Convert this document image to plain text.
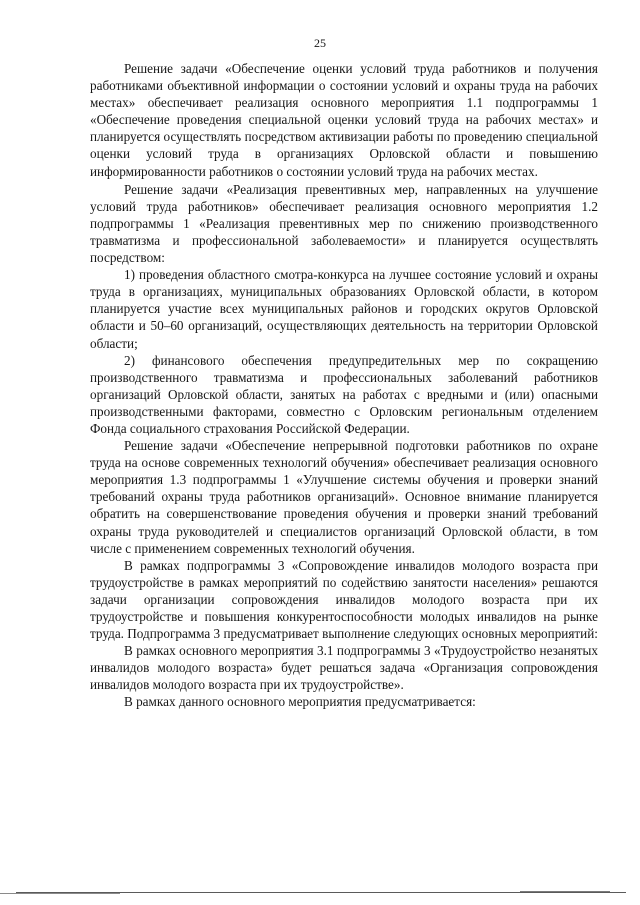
25

Решение задачи «Обеспечение оценки условий труда работников и получения работниками объективной информации о состоянии условий и охраны труда на рабочих местах» обеспечивает реализация основного мероприятия 1.1 подпрограммы 1 «Обеспечение проведения специальной оценки условий труда на рабочих местах» и планируется осуществлять посредством активизации работы по проведению специальной оценки условий труда в организациях Орловской области и повышению информированности работников о состоянии условий труда на рабочих местах.

Решение задачи «Реализация превентивных мер, направленных на улучшение условий труда работников» обеспечивает реализация основного мероприятия 1.2 подпрограммы 1 «Реализация превентивных мер по снижению производственного травматизма и профессиональной заболеваемости» и планируется осуществлять посредством:

1) проведения областного смотра-конкурса на лучшее состояние условий и охраны труда в организациях, муниципальных образованиях Орловской области, в котором планируется участие всех муниципальных районов и городских округов Орловской области и 50–60 организаций, осуществляющих деятельность на территории Орловской области;

2) финансового обеспечения предупредительных мер по сокращению производственного травматизма и профессиональных заболеваний работников организаций Орловской области, занятых на работах с вредными и (или) опасными производственными факторами, совместно с Орловским региональным отделением Фонда социального страхования Российской Федерации.

Решение задачи «Обеспечение непрерывной подготовки работников по охране труда на основе современных технологий обучения» обеспечивает реализация основного мероприятия 1.3 подпрограммы 1 «Улучшение системы обучения и проверки знаний требований охраны труда работников организаций». Основное внимание планируется обратить на совершенствование проведения обучения и проверки знаний требований охраны труда руководителей и специалистов организаций Орловской области, в том числе с применением современных технологий обучения.

В рамках подпрограммы 3 «Сопровождение инвалидов молодого возраста при трудоустройстве в рамках мероприятий по содействию занятости населения» решаются задачи организации сопровождения инвалидов молодого возраста при их трудоустройстве и повышения конкурентоспособности молодых инвалидов на рынке труда. Подпрограмма 3 предусматривает выполнение следующих основных мероприятий:

В рамках основного мероприятия 3.1 подпрограммы 3 «Трудоустройство незанятых инвалидов молодого возраста» будет решаться задача «Организация сопровождения инвалидов молодого возраста при их трудоустройстве».

В рамках данного основного мероприятия предусматривается:
